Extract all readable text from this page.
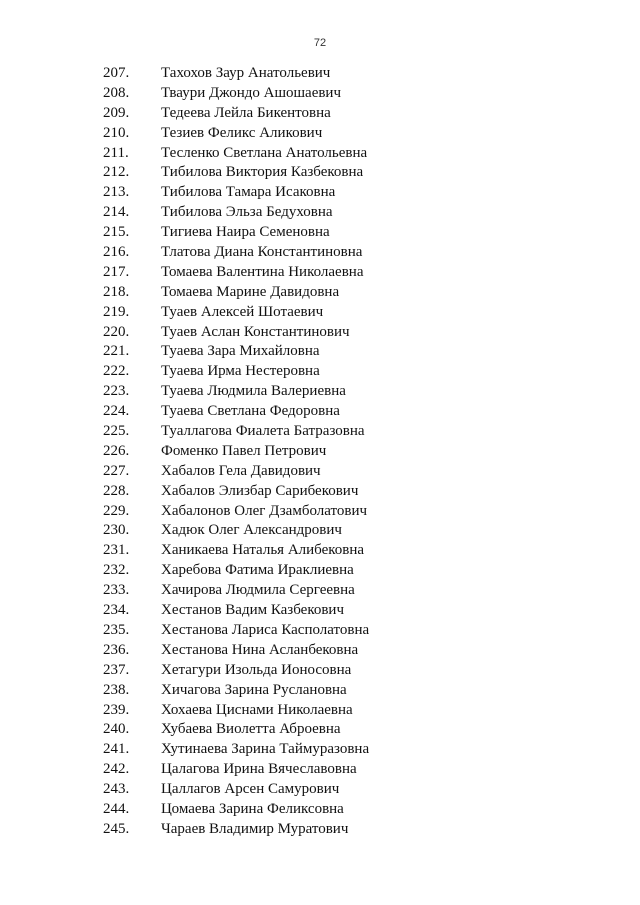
72
207. Тахохов Заур Анатольевич
208. Тваури Джондо Ашошаевич
209. Тедеева Лейла Бикентовна
210. Тезиев Феликс Аликович
211. Тесленко Светлана Анатольевна
212. Тибилова Виктория Казбековна
213. Тибилова Тамара Исаковна
214. Тибилова Эльза Бедуховна
215. Тигиева Наира Семеновна
216. Тлатова Диана Константиновна
217. Томаева Валентина Николаевна
218. Томаева Марине Давидовна
219. Туаев Алексей Шотаевич
220. Туаев Аслан Константинович
221. Туаева Зара Михайловна
222. Туаева Ирма Нестеровна
223. Туаева Людмила Валериевна
224. Туаева Светлана Федоровна
225. Туаллагова Фиалета Батразовна
226. Фоменко Павел Петрович
227. Хабалов Гела Давидович
228. Хабалов Элизбар Сарибекович
229. Хабалонов Олег Дзамболатович
230. Хадюк Олег Александрович
231. Ханикаева Наталья Алибековна
232. Харебова Фатима Ираклиевна
233. Хачирова Людмила Сергеевна
234. Хестанов Вадим Казбекович
235. Хестанова Лариса Касполатовна
236. Хестанова Нина Асланбековна
237. Хетагури Изольда Ионосовна
238. Хичагова Зарина Руслановна
239. Хохаева Циснами Николаевна
240. Хубаева Виолетта Аброевна
241. Хутинаева Зарина Таймуразовна
242. Цалагова Ирина Вячеславовна
243. Цаллагов Арсен Самурович
244. Цомаева Зарина Феликсовна
245. Чараев Владимир Муратович
